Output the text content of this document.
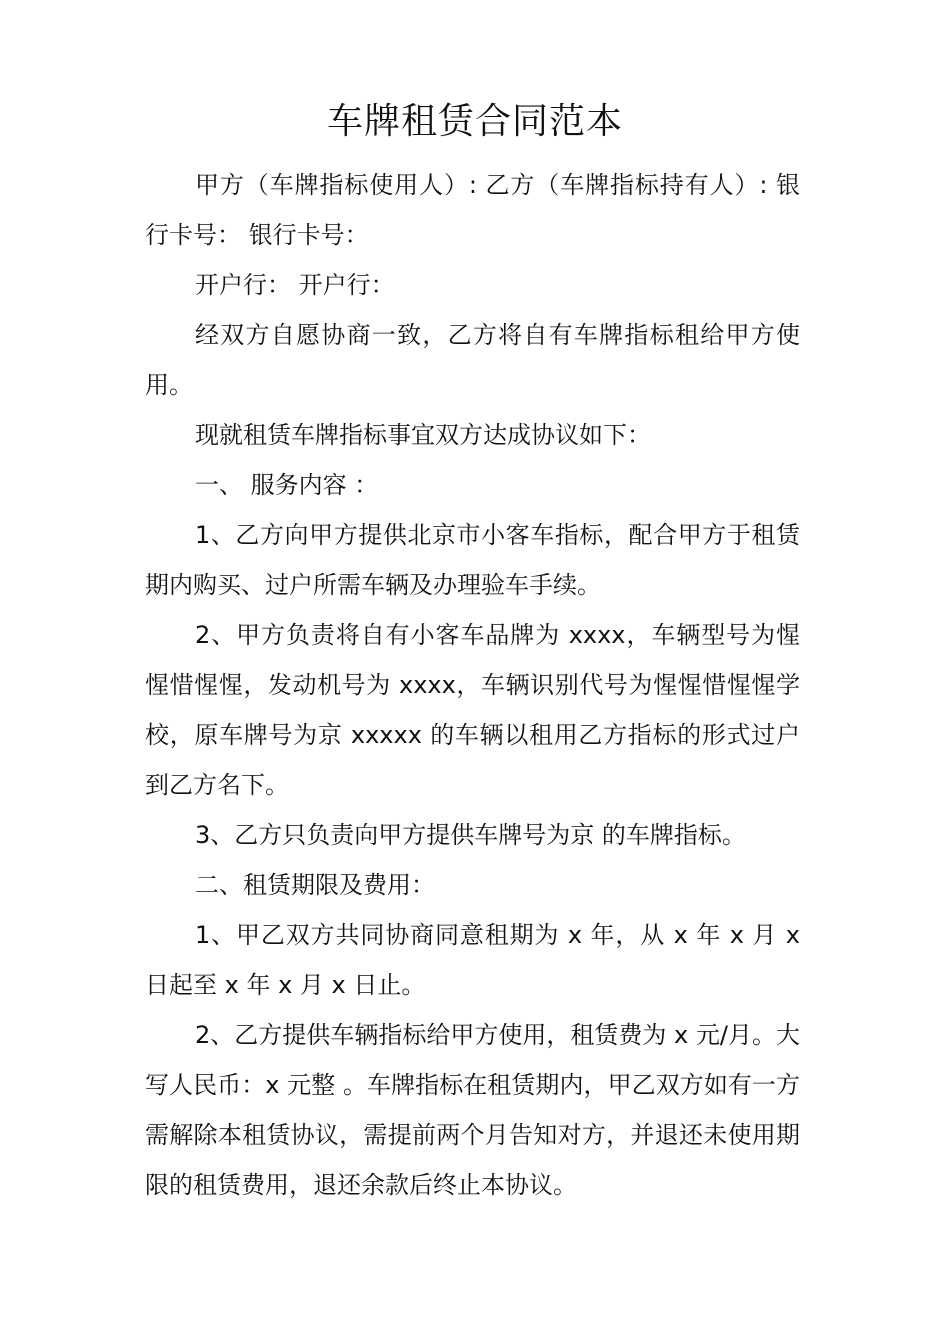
车牌租赁合同范本

甲方（车牌指标使用人）: 乙方（车牌指标持有人）: 银行卡号： 银行卡号：

开户行： 开户行：

经双方自愿协商一致，乙方将自有车牌指标租给甲方使用。

现就租赁车牌指标事宜双方达成协议如下：

一、 服务内容 ：

1、乙方向甲方提供北京市小客车指标，配合甲方于租赁期内购买、过户所需车辆及办理验车手续。

2、甲方负责将自有小客车品牌为 xxxx，车辆型号为惺惺惜惺惺，发动机号为 xxxx，车辆识别代号为惺惺惜惺惺学校，原车牌号为京 xxxxx 的车辆以租用乙方指标的形式过户到乙方名下。

3、乙方只负责向甲方提供车牌号为京 的车牌指标。

二、租赁期限及费用：

1、甲乙双方共同协商同意租期为 x 年，从 x 年 x 月 x 日起至 x 年 x 月 x 日止。

2、乙方提供车辆指标给甲方使用，租赁费为 x 元/月。大写人民币：x 元整 。车牌指标在租赁期内，甲乙双方如有一方需解除本租赁协议，需提前两个月告知对方，并退还未使用期限的租赁费用，退还余款后终止本协议。
